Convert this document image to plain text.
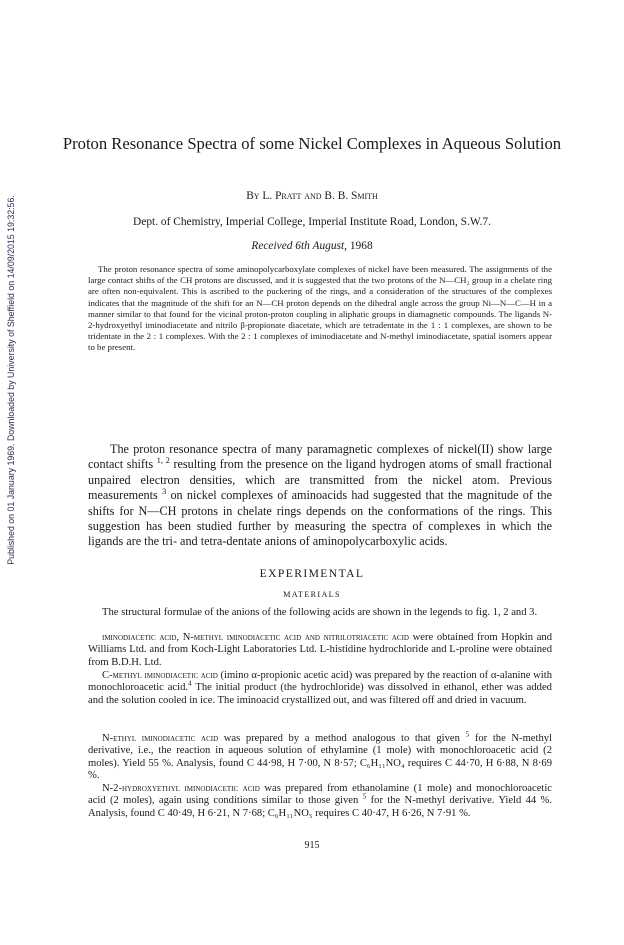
Published on 01 January 1969. Downloaded by University of Sheffield on 14/09/2015 19:32:56.
Proton Resonance Spectra of some Nickel Complexes in Aqueous Solution
By L. Pratt and B. B. Smith
Dept. of Chemistry, Imperial College, Imperial Institute Road, London, S.W.7.
Received 6th August, 1968

The proton resonance spectra of some aminopolycarboxylate complexes of nickel have been measured. The assignments of the large contact shifts of the CH protons are discussed, and it is suggested that the two protons of the N—CH₂ group in a chelate ring are often non-equivalent. This is ascribed to the puckering of the rings, and a consideration of the structures of the complexes indicates that the magnitude of the shift for an N—CH proton depends on the dihedral angle across the group Ni—N—C—H in a manner similar to that found for the vicinal proton-proton coupling in aliphatic groups in diamagnetic compounds. The ligands N-2-hydroxyethyl iminodiacetate and nitrilo β-propionate diacetate, which are tetradentate in the 1 : 1 complexes, are shown to be tridentate in the 2 : 1 complexes. With the 2 : 1 complexes of iminodiacetate and N-methyl iminodiacetate, spatial isomers appear to be present.

The proton resonance spectra of many paramagnetic complexes of nickel(II) show large contact shifts $^{1, 2}$ resulting from the presence on the ligand hydrogen atoms of small fractional unpaired electron densities, which are transmitted from the nickel atom. Previous measurements $^3$ on nickel complexes of aminoacids had suggested that the magnitude of the shifts for N—CH protons in chelate rings depends on the conformations of the rings. This suggestion has been studied further by measuring the spectra of complexes in which the ligands are the tri- and tetra-dentate anions of aminopolycarboxylic acids.

EXPERIMENTAL
MATERIALS

The structural formulae of the anions of the following acids are shown in the legends to fig. 1, 2 and 3.

iminodiacetic acid, N-methyl iminodiacetic acid and nitrilotriacetic acid were obtained from Hopkin and Williams Ltd. and from Koch-Light Laboratories Ltd. L-histidine hydrochloride and L-proline were obtained from B.D.H. Ltd.

C-methyl iminodiacetic acid (imino α-propionic acetic acid) was prepared by the reaction of α-alanine with monochloroacetic acid.$^4$ The initial product (the hydrochloride) was dissolved in ethanol, ether was added and the solution cooled in ice. The iminoacid crystallized out, and was filtered off and dried in vacuum.

N-ethyl iminodiacetic acid was prepared by a method analogous to that given $^5$ for the N-methyl derivative, i.e., the reaction in aqueous solution of ethylamine (1 mole) with monochloroacetic acid (2 moles). Yield 55 %. Analysis, found C 44·98, H 7·00, N 8·57; C₆H₁₁NO₄ requires C 44·70, H 6·88, N 8·69 %.

N-2-hydroxyethyl iminodiacetic acid was prepared from ethanolamine (1 mole) and monochloroacetic acid (2 moles), again using conditions similar to those given $^5$ for the N-methyl derivative. Yield 44 %. Analysis, found C 40·49, H 6·21, N 7·68; C₆H₁₁NO₅ requires C 40·47, H 6·26, N 7·91 %.

915
